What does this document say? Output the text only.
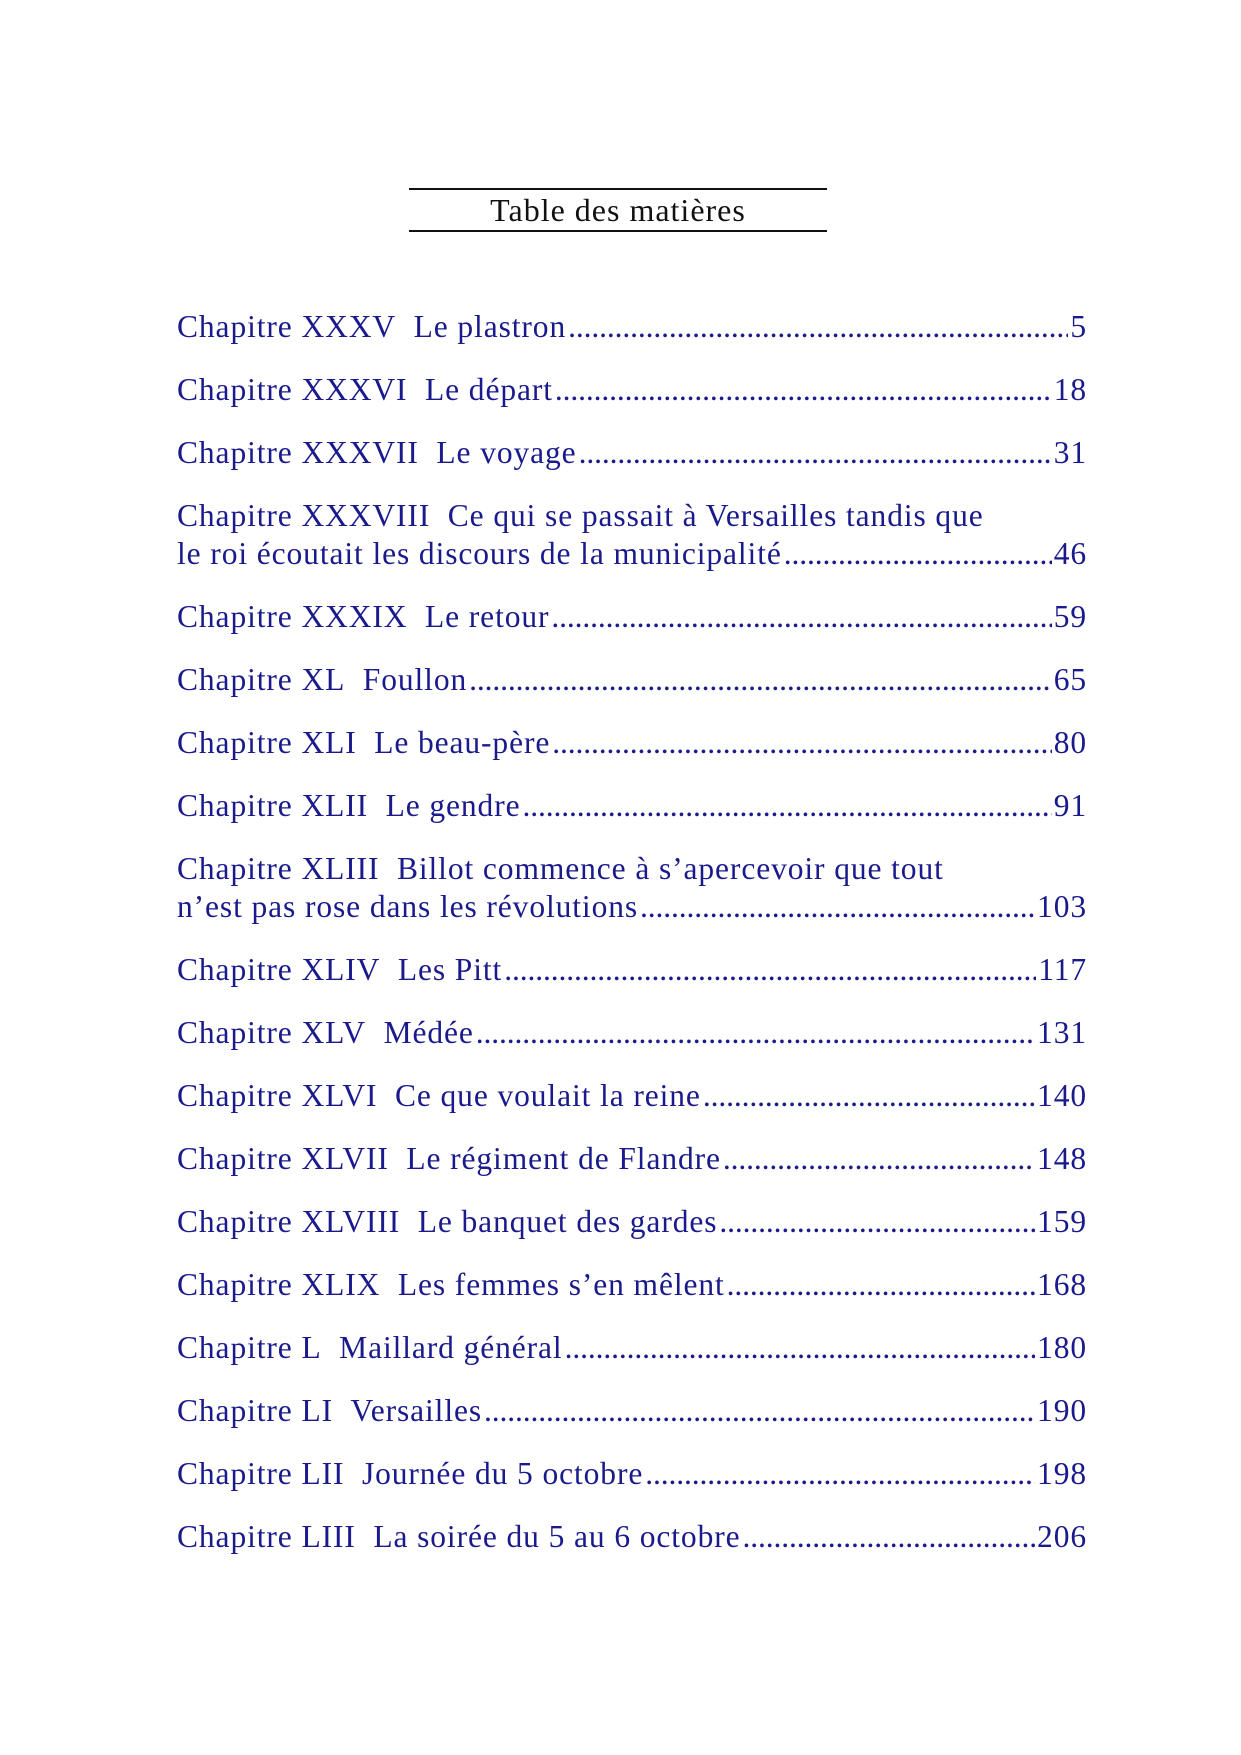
Table des matières
Chapitre XXXV Le plastron . . .	5
Chapitre XXXVI Le départ . . .	18
Chapitre XXXVII Le voyage . . .	31
Chapitre XXXVIII Ce qui se passait à Versailles tandis que
le roi écoutait les discours de la municipalité . . .	46
Chapitre XXXIX Le retour . . .	59
Chapitre XL Foullon . . .	65
Chapitre XLI Le beau-père . . .	80
Chapitre XLII Le gendre . . .	91
Chapitre XLIII Billot commence à s’apercevoir que tout
n’est pas rose dans les révolutions . . .	103
Chapitre XLIV Les Pitt . . .	117
Chapitre XLV Médée . . .	131
Chapitre XLVI Ce que voulait la reine . . .	140
Chapitre XLVII Le régiment de Flandre . . .	148
Chapitre XLVIII Le banquet des gardes . . .	159
Chapitre XLIX Les femmes s’en mêlent . . .	168
Chapitre L Maillard général . . .	180
Chapitre LI Versailles . . .	190
Chapitre LII Journée du 5 octobre . . .	198
Chapitre LIII La soirée du 5 au 6 octobre . . .	206
